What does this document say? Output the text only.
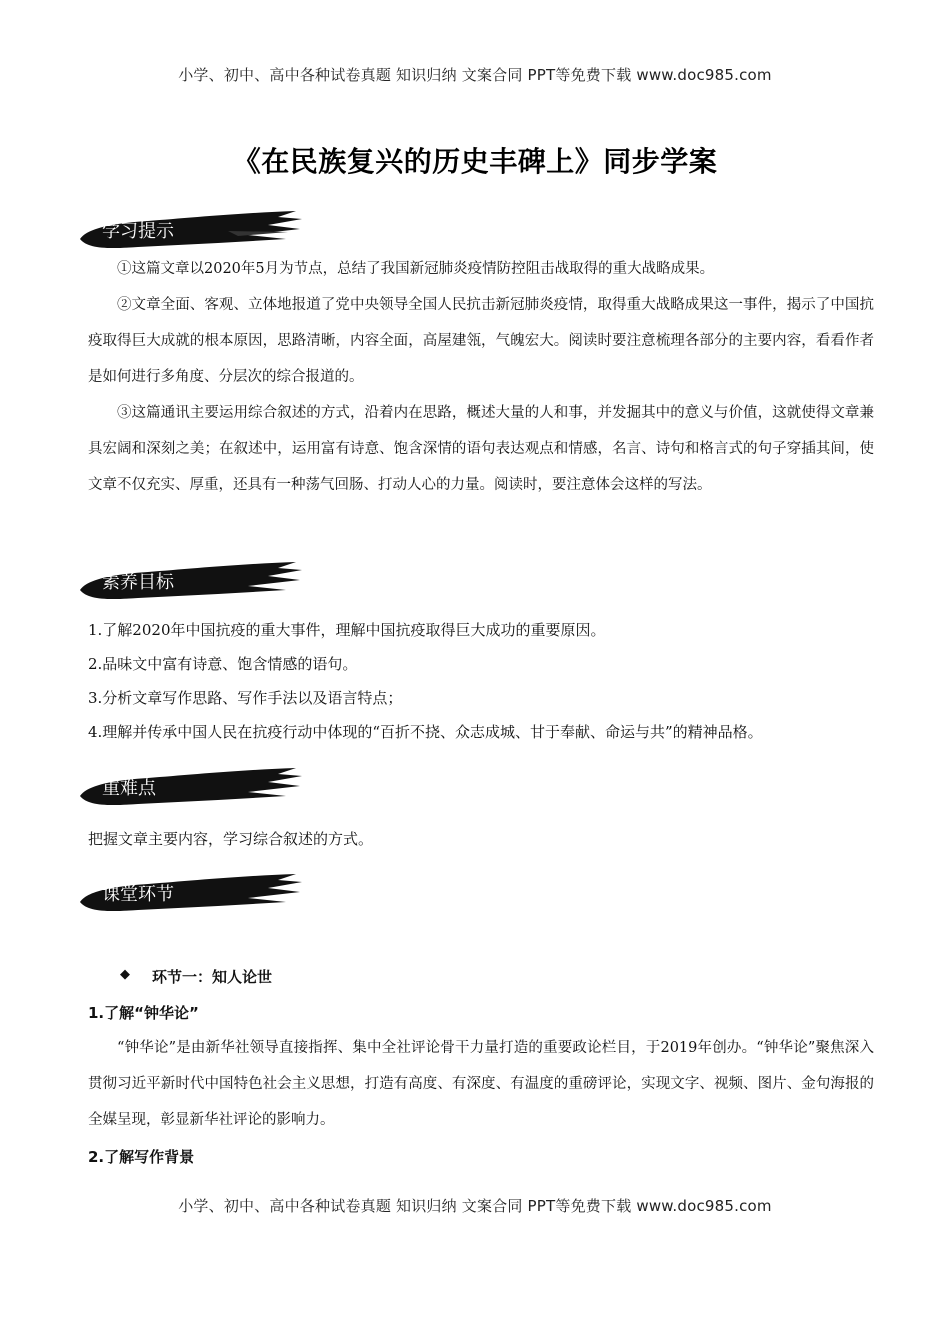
小学、初中、高中各种试卷真题 知识归纳 文案合同 PPT等免费下载 www.doc985.com
《在民族复兴的历史丰碑上》同步学案
学习提示
①这篇文章以2020年5月为节点，总结了我国新冠肺炎疫情防控阻击战取得的重大战略成果。
②文章全面、客观、立体地报道了党中央领导全国人民抗击新冠肺炎疫情，取得重大战略成果这一事件，揭示了中国抗疫取得巨大成就的根本原因，思路清晰，内容全面，高屋建瓴，气魄宏大。阅读时要注意梳理各部分的主要内容，看看作者是如何进行多角度、分层次的综合报道的。
③这篇通讯主要运用综合叙述的方式，沿着内在思路，概述大量的人和事，并发掘其中的意义与价值，这就使得文章兼具宏阔和深刻之美；在叙述中，运用富有诗意、饱含深情的语句表达观点和情感，名言、诗句和格言式的句子穿插其间，使文章不仅充实、厚重，还具有一种荡气回肠、打动人心的力量。阅读时，要注意体会这样的写法。
素养目标
1.了解2020年中国抗疫的重大事件，理解中国抗疫取得巨大成功的重要原因。
2.品味文中富有诗意、饱含情感的语句。
3.分析文章写作思路、写作手法以及语言特点；
4.理解并传承中国人民在抗疫行动中体现的“百折不挠、众志成城、甘于奉献、命运与共”的精神品格。
重难点
把握文章主要内容，学习综合叙述的方式。
课堂环节
◆ 环节一：知人论世
1.了解“钟华论”
“钟华论”是由新华社领导直接指挥、集中全社评论骨干力量打造的重要政论栏目，于2019年创办。“钟华论”聚焦深入贯彻习近平新时代中国特色社会主义思想，打造有高度、有深度、有温度的重磅评论，实现文字、视频、图片、金句海报的全媒呈现，彰显新华社评论的影响力。
2.了解写作背景
小学、初中、高中各种试卷真题 知识归纳 文案合同 PPT等免费下载 www.doc985.com
